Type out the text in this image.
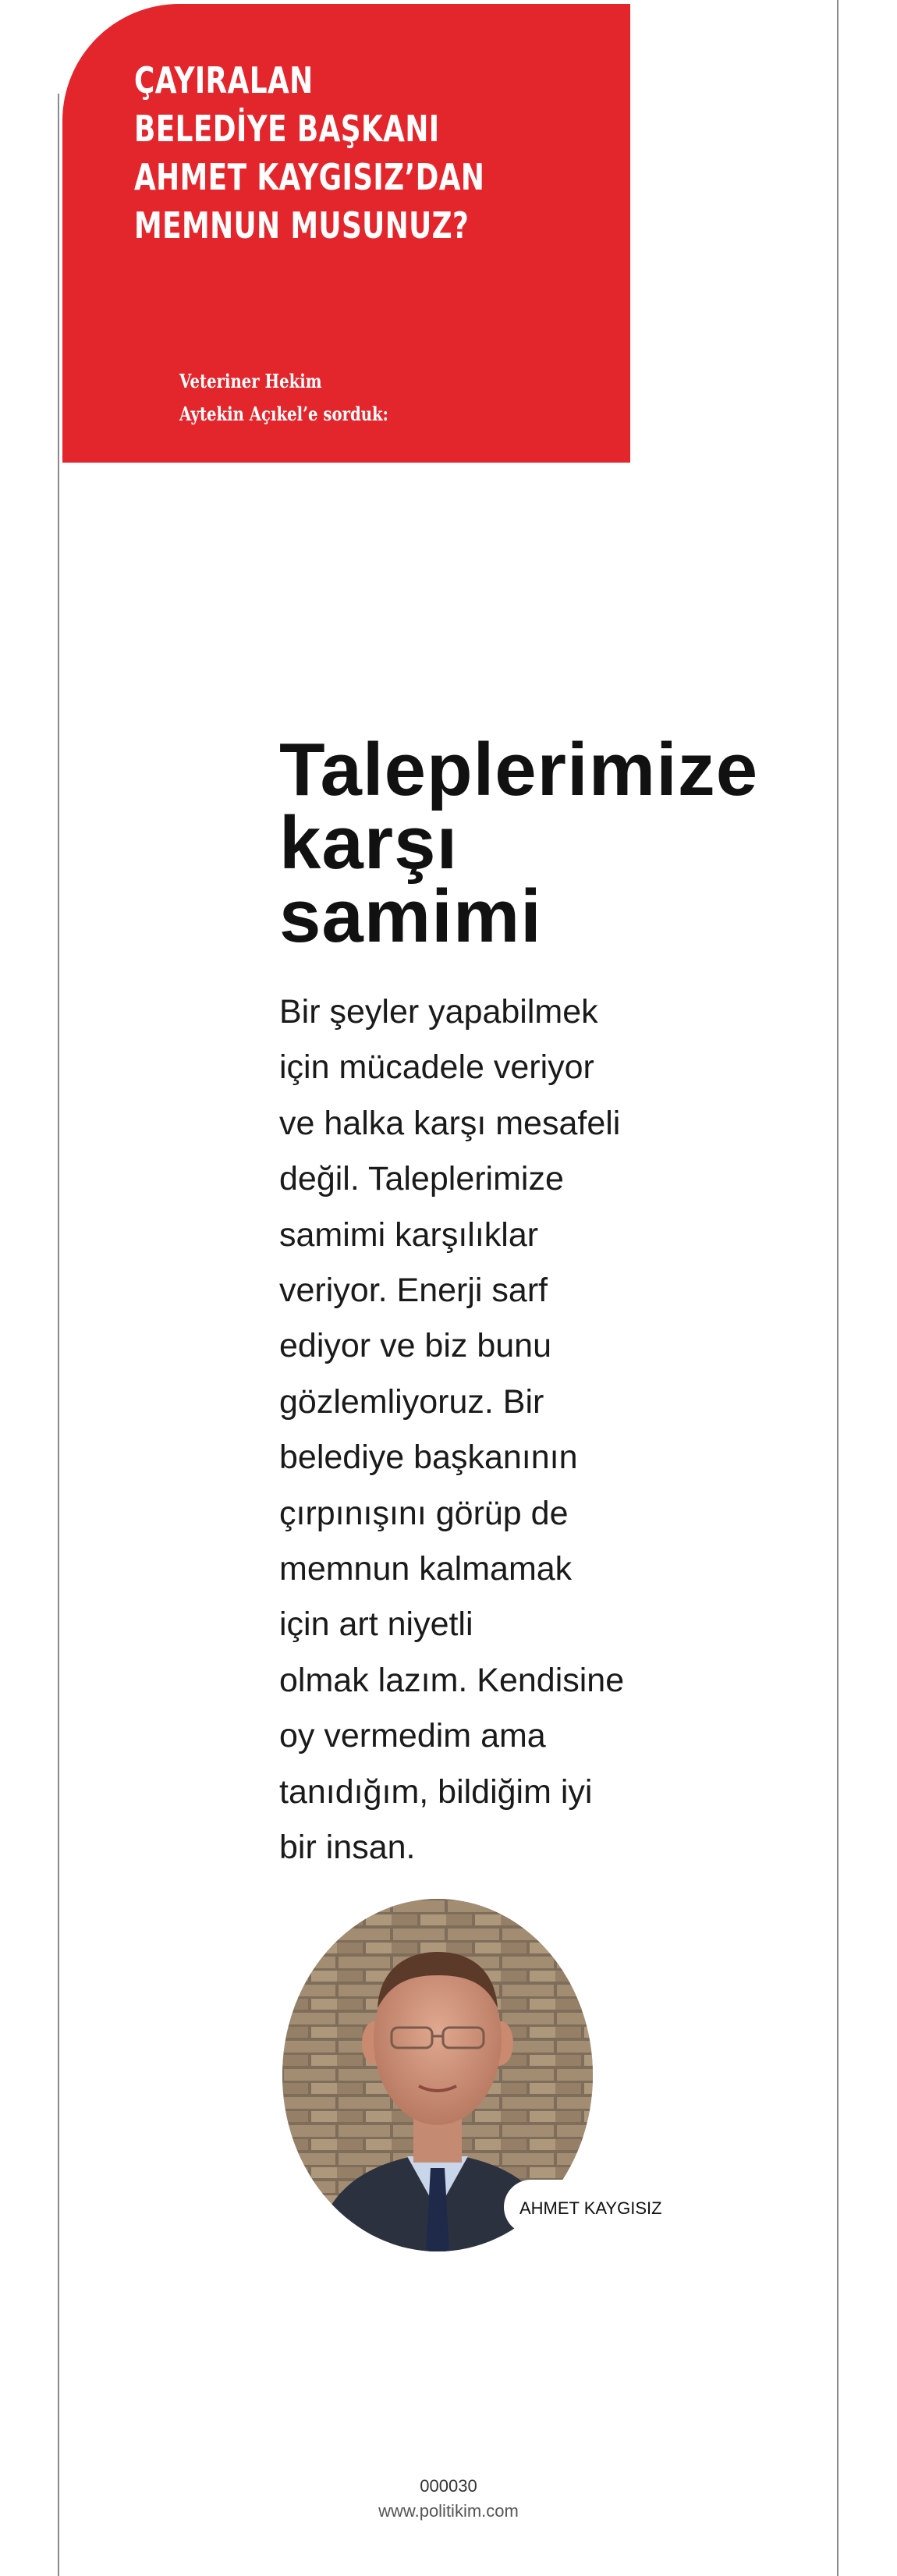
ÇAYIRALAN
BELEDİYE BAŞKANI
AHMET KAYGISIZ’DAN
MEMNUN MUSUNUZ?
Veteriner Hekim
Aytekin Açıkel’e sorduk:
Taleplerimize
karşı
samimi
Bir şeyler yapabilmek
için mücadele veriyor
ve halka karşı mesafeli
değil. Taleplerimize
samimi karşılıklar
veriyor. Enerji sarf
ediyor ve biz bunu
gözlemliyoruz. Bir
belediye başkanının
çırpınışını görüp de
memnun kalmamak
için art niyetli
olmak lazım. Kendisine
oy vermedim ama
tanıdığım, bildiğim iyi
bir insan.
AHMET KAYGISIZ
000030
www.politikim.com
